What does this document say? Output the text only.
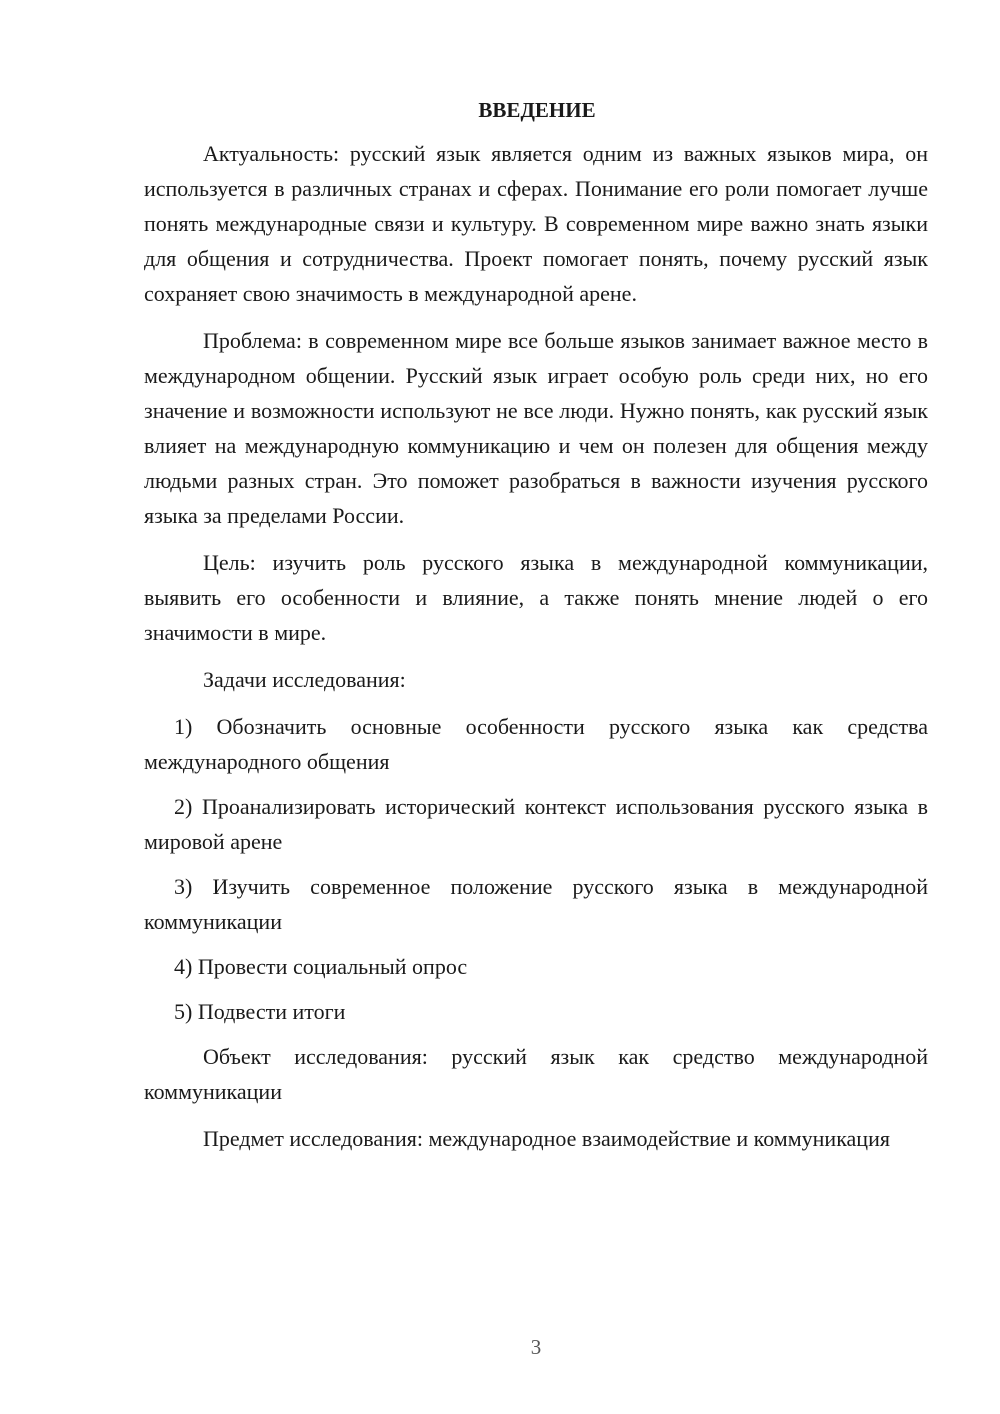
ВВЕДЕНИЕ

Актуальность: русский язык является одним из важных языков мира, он используется в различных странах и сферах. Понимание его роли помогает лучше понять международные связи и культуру. В современном мире важно знать языки для общения и сотрудничества. Проект помогает понять, почему русский язык сохраняет свою значимость в международной арене.

Проблема: в современном мире все больше языков занимает важное место в международном общении. Русский язык играет особую роль среди них, но его значение и возможности используют не все люди. Нужно понять, как русский язык влияет на международную коммуникацию и чем он полезен для общения между людьми разных стран. Это поможет разобраться в важности изучения русского языка за пределами России.

Цель: изучить роль русского языка в международной коммуникации, выявить его особенности и влияние, а также понять мнение людей о его значимости в мире.

Задачи исследования:

1) Обозначить основные особенности русского языка как средства международного общения

2) Проанализировать исторический контекст использования русского языка в мировой арене

3) Изучить современное положение русского языка в международной коммуникации

4) Провести социальный опрос

5) Подвести итоги

Объект исследования: русский язык как средство международной коммуникации

Предмет исследования: международное взаимодействие и коммуникация

3
